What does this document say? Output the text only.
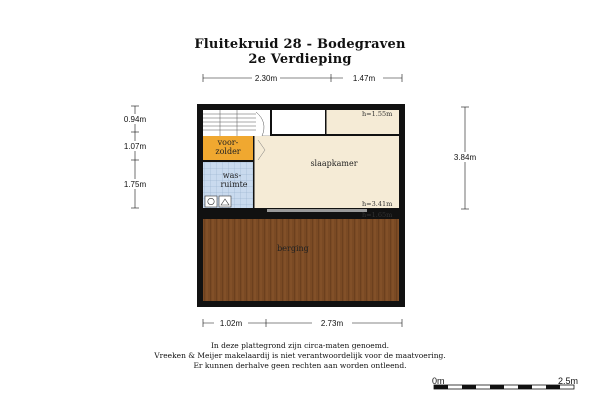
Fluitekruid 28 - Bodegraven
2e Verdieping
2.30m	1.47m
0.94m
1.07m
1.75m
3.84m
voor-
zolder
was-
ruimte
slaapkamer
h=1.55m
h=3.41m
h=1.65m
berging
1.02m	2.73m
In deze plattegrond zijn circa-maten genoemd.
Vreeken & Meijer makelaardij is niet verantwoordelijk voor de maatvoering.
Er kunnen derhalve geen rechten aan worden ontleend.
0m	2.5m
